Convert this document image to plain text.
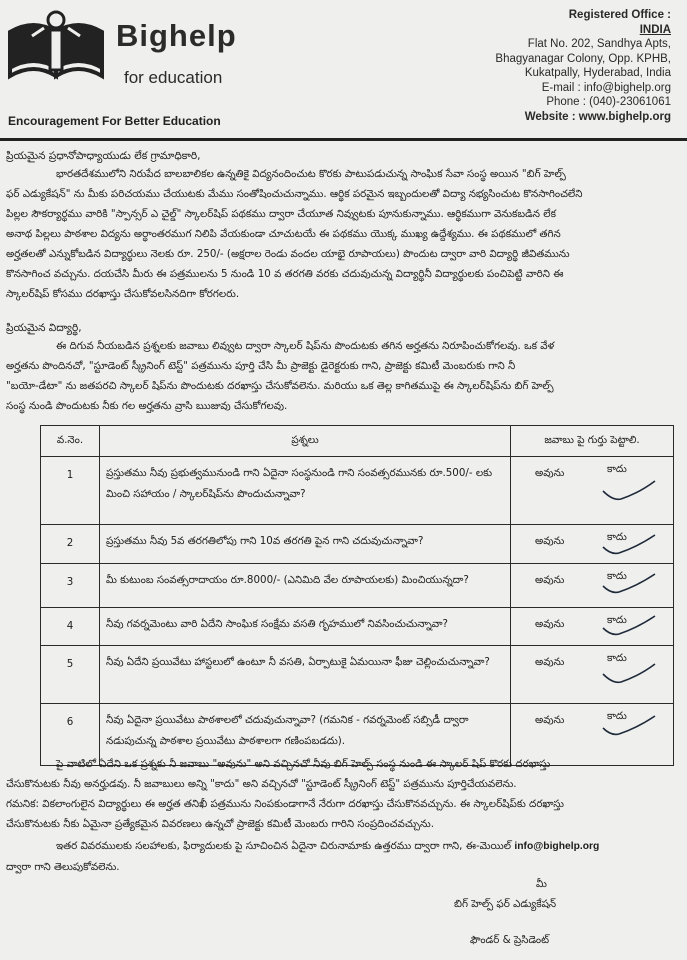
Bighelp
for education
Encouragement For Better Education
Registered Office :
INDIA
Flat No. 202, Sandhya Apts,
Bhagyanagar Colony, Opp. KPHB,
Kukatpally, Hyderabad, India
E-mail : info@bighelp.org
Phone : (040)-23061061
Website : www.bighelp.org
ప్రియమైన ప్రధానోపాధ్యాయుడు లేక గ్రామాధికారి,
భారతదేశములోని నిరుపేద బాలబాలికల ఉన్నతికై విద్యనందించుట కొరకు పాటుపడుచున్న సాంఘిక సేవా సంస్థ అయిన "బిగ్ హెల్ప్
ఫర్ ఎడ్యుకేషన్" ను మీకు పరిచయము చేయుటకు మేము సంతోషించుచున్నాము. ఆర్థిక పరమైన ఇబ్బందులతో విద్యా నభ్యసించుట కొనసాగించలేని
పిల్లల సౌకర్యార్థము వారికి "స్పాన్సర్ ఎ చైల్డ్" స్కాలర్‌షిప్ పథకము ద్వారా చేయూత నివ్వుటకు పూనుకున్నాము. ఆర్థికముగా వెనుకబడిన లేక
అనాథ పిల్లలు పాఠశాల విద్యను అర్థాంతరముగ నిలిపి వేయకుండా చూచుటయే ఈ పథకము యొక్క ముఖ్య ఉద్దేశ్యము. ఈ పథకములో తగిన
అర్హతలతో ఎన్నుకోబడిన విద్యార్థులు నెలకు రూ. 250/- (అక్షరాల రెండు వందల యాభై రూపాయలు) పొందుట ద్వారా వారి విద్యార్థి జీవితమును
కొనసాగించ వచ్చును. దయచేసి మీరు ఈ పత్రములను 5 నుండి 10 వ తరగతి వరకు చదువుచున్న విద్యార్థినీ విద్యార్థులకు పంచిపెట్టి వారిని ఈ
స్కాలర్‌షిప్ కోసము దరఖాస్తు చేసుకోవలసినదిగా కోరగలరు.
ప్రియమైన విద్యార్థి,
ఈ దిగువ నీయబడిన ప్రశ్నలకు జవాబు లివ్వుట ద్వారా స్కాలర్ షిప్‌ను పొందుటకు తగిన అర్హతను నిరూపించుకోగలవు. ఒక వేళ
అర్హతను పొందినచో, "స్టూడెంట్ స్క్రీనింగ్ టెస్ట్" పత్రమును పూర్తి చేసి మీ ప్రాజెక్టు డైరెక్టరుకు గాని, ప్రాజెక్టు కమిటీ మెంబరుకు గాని నీ
"బయో-డేటా" ను జతపరచి స్కాలర్ షిప్‌ను పొందుటకు దరఖాస్తు చేసుకోవలెను. మరియు ఒక తెల్ల కాగితముపై ఈ స్కాలర్‌షిప్‌ను బిగ్ హెల్ప్
సంస్థ నుండి పొందుటకు నీకు గల అర్హతను వ్రాసి ఋజువు చేసుకోగలవు.
వ.నెం.	ప్రశ్నలు	జవాబు పై గుర్తు పెట్టాలి.
1	ప్రస్తుతము నీవు ప్రభుత్వమునుండి గాని ఏదైనా సంస్థనుండి గాని సంవత్సరమునకు రూ.500/- లకు మించి సహాయం / స్కాలర్‌షిప్‌ను పొందుచున్నావా?	అవును కాదు

2	ప్రస్తుతము నీవు 5వ తరగతిలోపు గాని 10వ తరగతి పైన గాని చదువుచున్నావా?	అవును కాదు

3	మీ కుటుంబ సంవత్సరాదాయం రూ.8000/- (ఎనిమిది వేల రూపాయలకు) మించియున్నదా?	అవును కాదు

4	నీవు గవర్నమెంటు వారి ఏదేని సాంఘిక సంక్షేమ వసతి గృహములో నివసించుచున్నావా?	అవును కాదు

5	నీవు ఏదేని ప్రయివేటు హాస్టలులో ఉంటూ నీ వసతి, ఏర్పాటుకై ఏమయినా ఫీజు చెల్లించుచున్నావా?	అవును కాదు

6	నీవు ఏదైనా ప్రయివేటు పాఠశాలలో చదువుచున్నావా? (గమనిక - గవర్నమెంట్ సబ్సిడీ ద్వారా నడుపుచున్న పాఠశాల ప్రయివేటు పాఠశాలగా గణింపబడదు).	అవును కాదు
పై వాటిలో ఏదేని ఒక ప్రశ్నకు నీ జవాబు "అవును" అని వచ్చినచో నీవు బిగ్ హెల్ప్ సంస్థ నుండి ఈ స్కాలర్ షిప్ కొరకు దరఖాస్తు
చేసుకొనుటకు నీవు అనర్హుడవు. నీ జవాబులు అన్ని "కాదు" అని వచ్చినచో "స్టూడెంట్ స్క్రీనింగ్ టెస్ట్" పత్రమును పూర్తిచేయవలెను.
గమనిక: వికలాంగులైన విద్యార్థులు ఈ అర్హత తనిఖీ పత్రమును నింపకుండాగానే నేరుగా దరఖాస్తు చేసుకొనవచ్చును. ఈ స్కాలర్‌షిప్‌కు దరఖాస్తు
చేసుకొనుటకు నీకు ఏమైనా ప్రత్యేకమైన వివరణలు ఉన్నచో ప్రాజెక్టు కమిటీ మెంబరు గారిని సంప్రదించవచ్చును.
ఇతర వివరములకు సలహాలకు, ఫిర్యాదులకు పై సూచించిన ఏదైనా చిరునామాకు ఉత్తరము ద్వారా గాని, ఈ-మెయిల్ info@bighelp.org
ద్వారా గాని తెలుపుకోవలెను.
మీ
బిగ్ హెల్ప్ ఫర్ ఎడ్యుకేషన్
ఫౌండర్ & ప్రెసిడెంట్
